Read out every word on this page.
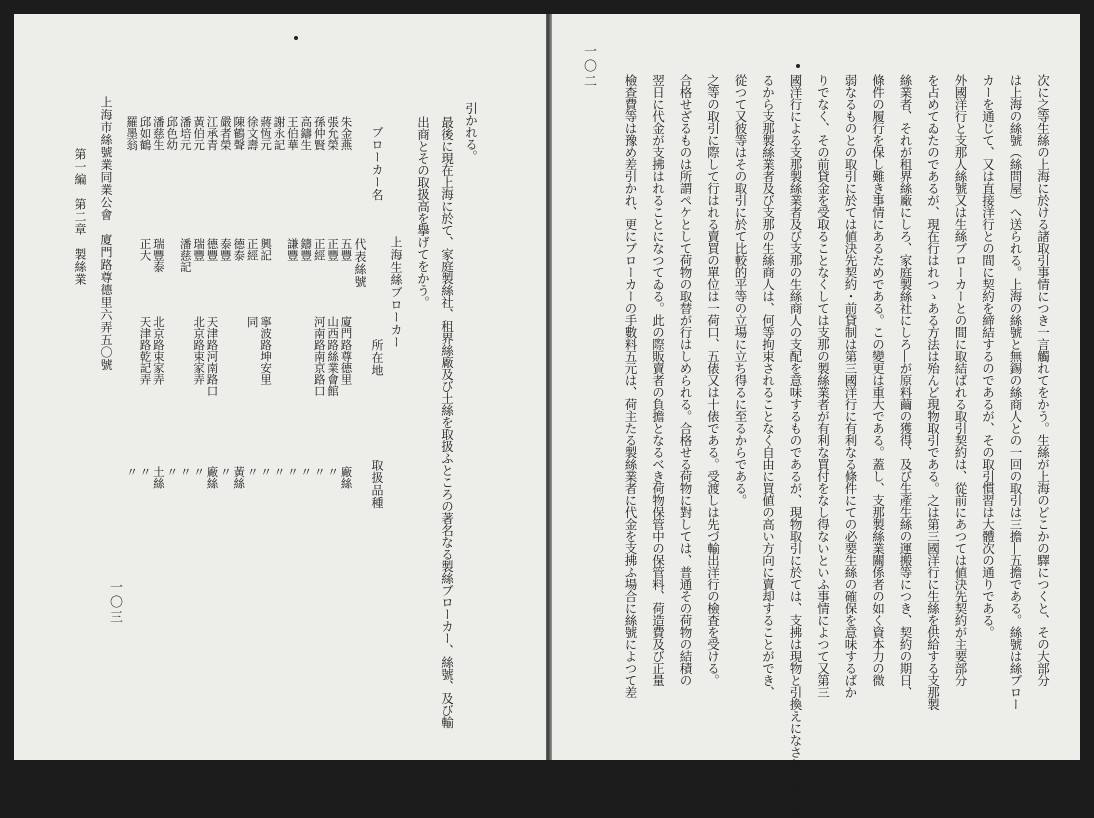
一〇二
次に之等生絲の上海に於ける諸取引事情につき一言觸れてをかう。生絲が上海のどこかの驛につくと、その大部分
は上海の絲號（絲問屋）へ送られる。上海の絲號と無錫の絲商人との一回の取引は三擔―五擔である。絲號は絲ブロー
カーを通じて、又は直接洋行との間に契約を締結するのであるが、その取引慣習は大體次の通りである。
外國洋行と支那人絲號又は生絲ブローカーとの間に取結ばれる取引契約は、從前にあつては値決先契約が主要部分
を占めてゐたのであるが、現在行はれつゝある方法は殆んど現物取引である。之は第三國洋行に生絲を供給する支那製
絲業者、それが租界絲廠にしろ、家庭製絲社にしろ―が原料繭の獲得、及び生產生絲の運搬等につき、契約の期日、
條件の履行を保し難き事情にあるためである。この變更は重大である。蓋し、支那製絲業關係者の如く資本力の微
弱なるものとの取引に於ては値決先契約・前貸制は第三國洋行に有利なる條件にての必要生絲の確保を意味するばか
りでなく、その前貸金を受取ることなくしては支那の製絲業者が有利な買付をなし得ないといふ事情によつて又第三
國洋行による支那製絲業者及び支那の生絲商人の支配を意味するものであるが、現物取引に於ては、支拂は現物と引換えになされるのであ
るから支那製絲業者及び支那の生絲商人は、何等拘束されることなく自由に買値の高い方向に賣却することができ、
從つて又彼等はその取引に於て比較的平等の立場に立ち得るに至るからである。
之等の取引に際して行はれる賣買の單位は一荷口、五俵又は十俵である。受渡しは先づ輸出洋行の檢査を受ける。
合格せざるものは所謂ペケとして荷物の取替が行はしめられる。合格せる荷物に對しては、普通その荷物の結積の
翌日に代金が支拂はれることになつてゐる。此の際販賣者の負擔となるべき荷物保管中の保管料、荷造費及び正量
檢查費等は豫め差引かれ、更にブローカーの手數料五元は、荷主たる製絲業者に代金を支拂ふ場合に絲號によつて差
引かれる。
最後に現在上海に於て、家庭製絲社、租界絲廠及び土絲を取扱ふところの著名なる製絲ブローカー、絲號、及び輸
出商とその取扱高を擧げてをかう。
上海生絲ブローカー
ブローカー名
代表絲號
所在地
取扱品種
朱金燕
五豐
廈門路尊德里
廠絲
張允榮
正豐
山西路絲業會館
〃
孫仲賢
正經
河南路南京路口
〃
高鑄生
鑄豐
〃
王伯華
謙豐
〃
謝永記
〃
蔣恆元
興記
寧波路坤安里
〃
徐文壽
正經
同
〃
陳鶴聲
德泰
黃絲
嚴者榮
泰豐
〃
江承青
德豐
天津路河南路口
廠絲
黃伯元
瑞豐
北京路束家弄
〃
潘培元
潘慈記
〃
邱色幼
〃
潘慈生
瑞豐泰
北京路束家弄
土絲
邱如鶴
正大
天津路乾記弄
〃
羅墨翁
〃
上海市絲號業同業公會　廈門路尊德里六弄五〇號
第一編　第二章　製絲業
一〇三
